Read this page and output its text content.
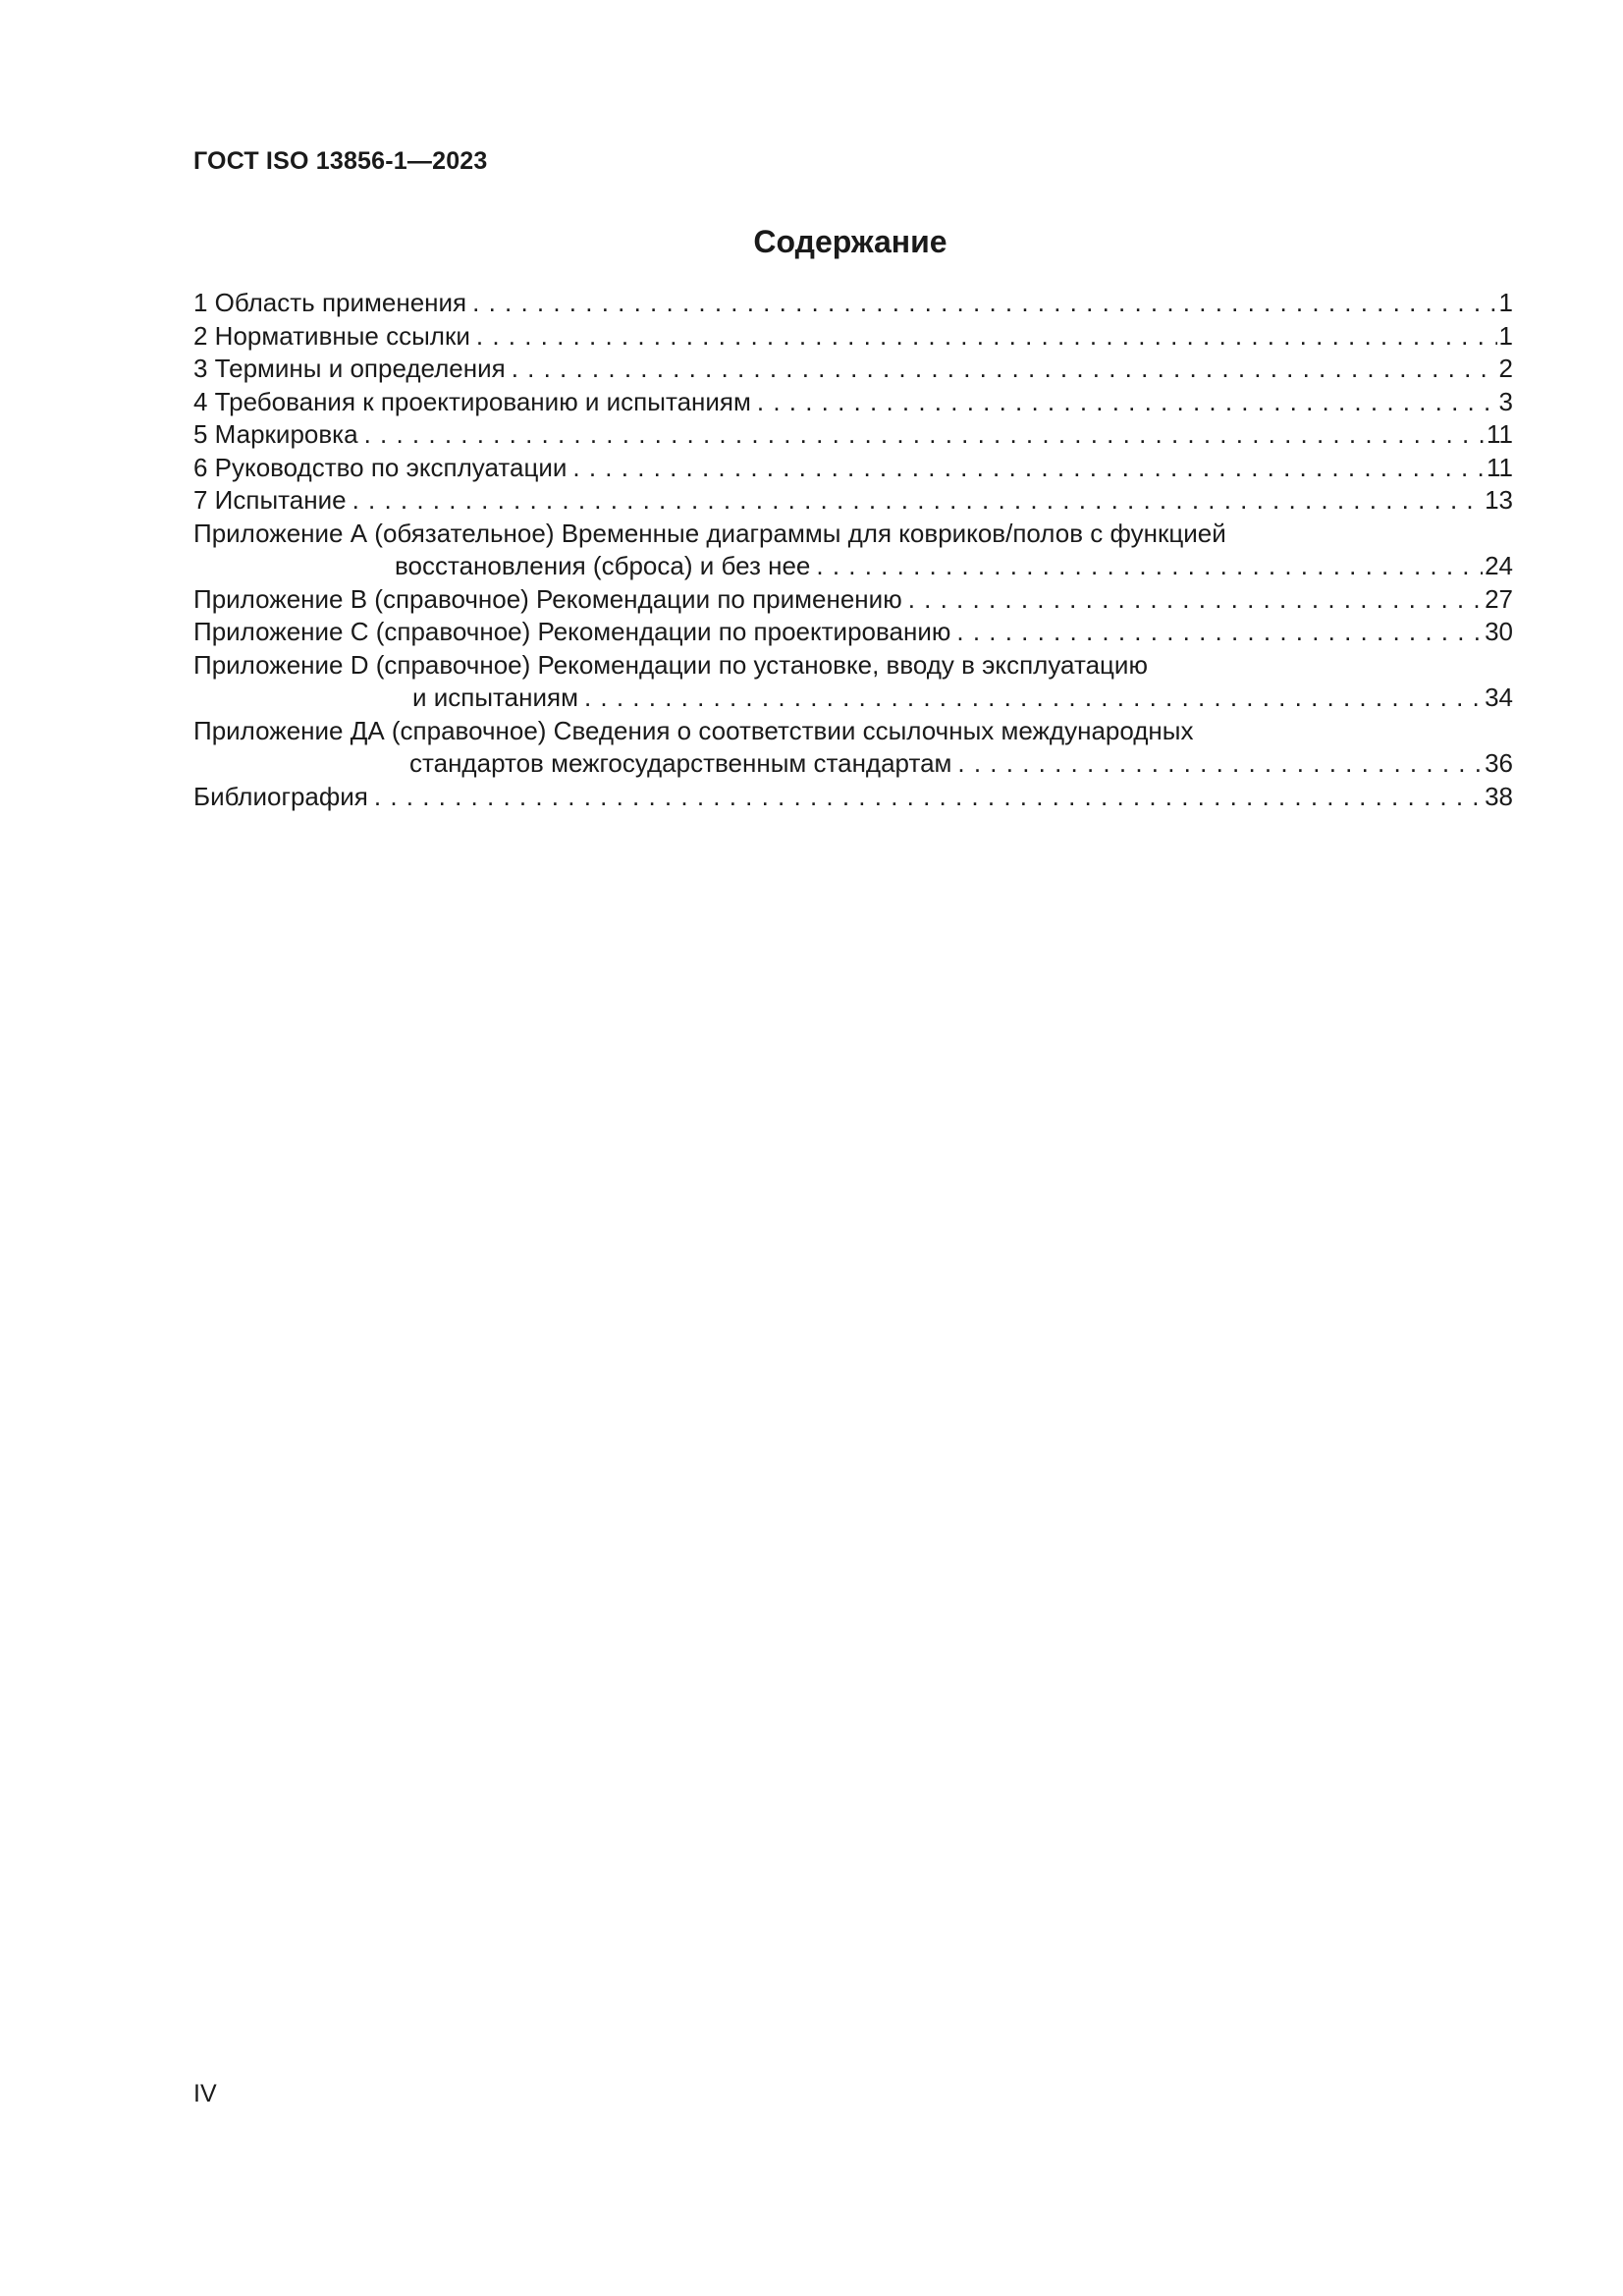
ГОСТ ISO 13856-1—2023
Содержание
1 Область применения . . .	1
2 Нормативные ссылки . . .	1
3 Термины и определения . . .	2
4 Требования к проектированию и испытаниям . . .	3
5 Маркировка . . .	11
6 Руководство по эксплуатации . . .	11
7 Испытание . . .	13
Приложение А (обязательное) Временные диаграммы для ковриков/полов с функцией
восстановления (сброса) и без нее . . .	24
Приложение В (справочное) Рекомендации по применению . . .	27
Приложение С (справочное) Рекомендации по проектированию . . .	30
Приложение D (справочное) Рекомендации по установке, вводу в эксплуатацию
и испытаниям . . .	34
Приложение ДА (справочное) Сведения о соответствии ссылочных международных
стандартов межгосударственным стандартам . . .	36
Библиография . . .	38
IV
